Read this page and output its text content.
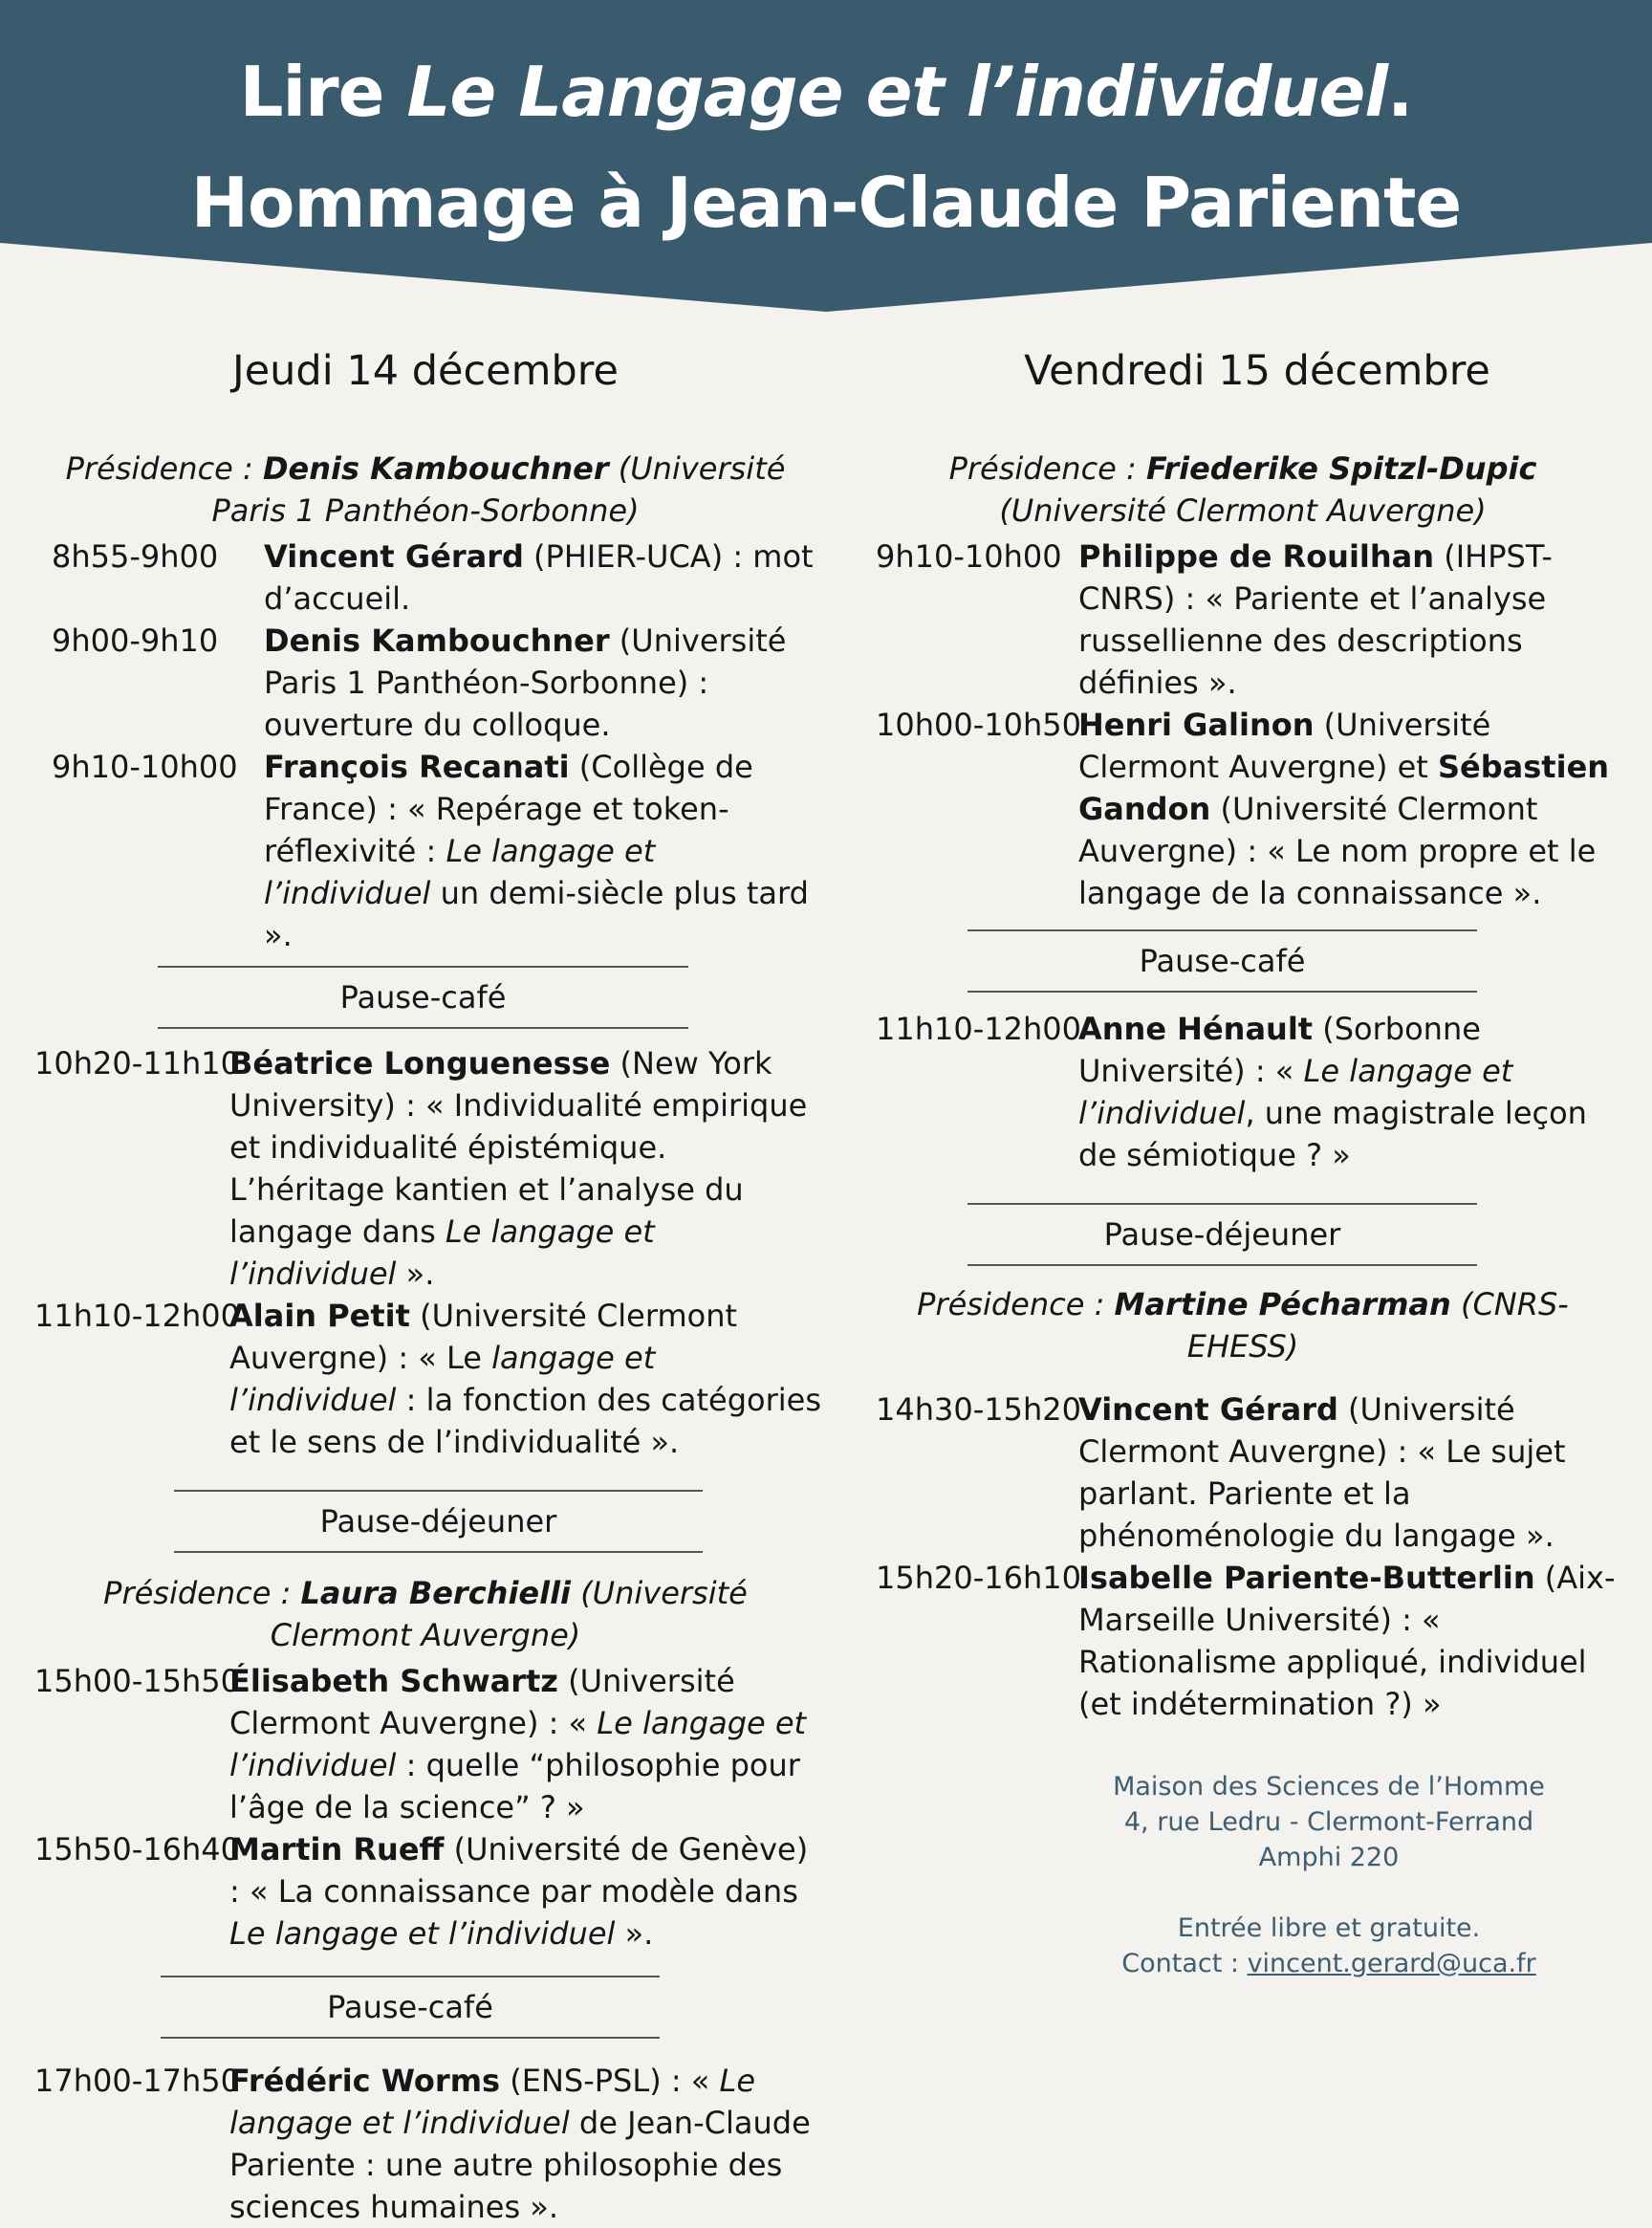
Lire Le Langage et l’individuel.
Hommage à Jean-Claude Pariente
Jeudi 14 décembre
Présidence : Denis Kambouchner (Université Paris 1 Panthéon-Sorbonne)
8h55-9h00	Vincent Gérard (PHIER-UCA) : mot d’accueil.
9h00-9h10	Denis Kambouchner (Université Paris 1 Panthéon-Sorbonne) : ouverture du colloque.
9h10-10h00 François Recanati (Collège de France) : « Repérage et token-réflexivité : Le langage et l’individuel un demi-siècle plus tard ».
Pause-café
10h20-11h10
Béatrice Longuenesse (New York University) : « Individualité empirique et individualité épistémique. L’héritage kantien et l’analyse du langage dans Le langage et l’individuel ».
11h10-12h00
Alain Petit (Université Clermont Auvergne) : « Le langage et l’individuel : la fonction des catégories et le sens de l’individualité ».
Pause-déjeuner
Présidence : Laura Berchielli (Université Clermont Auvergne)
15h00-15h50
Élisabeth Schwartz (Université Clermont Auvergne) : « Le langage et l’individuel : quelle “philosophie pour l’âge de la science” ? »
15h50-16h40
Martin Rueff (Université de Genève) : « La connaissance par modèle dans Le langage et l’individuel ».
Pause-café
17h00-17h50
Frédéric Worms (ENS-PSL) : « Le langage et l’individuel de Jean-Claude Pariente : une autre philosophie des sciences humaines ».
Vendredi 15 décembre
Présidence : Friederike Spitzl-Dupic (Université Clermont Auvergne)
9h10-10h00 Philippe de Rouilhan (IHPST-CNRS) : « Pariente et l’analyse russellienne des descriptions définies ».
10h00-10h50
Henri Galinon (Université Clermont Auvergne) et Sébastien Gandon (Université Clermont Auvergne) : « Le nom propre et le langage de la connaissance ».
Pause-café
11h10-12h00
Anne Hénault (Sorbonne Université) : « Le langage et l’individuel, une magistrale leçon de sémiotique ? »
Pause-déjeuner
Présidence : Martine Pécharman (CNRS-EHESS)
14h30-15h20
Vincent Gérard (Université Clermont Auvergne) : « Le sujet parlant. Pariente et la phénoménologie du langage ».
15h20-16h10
Isabelle Pariente-Butterlin (Aix-Marseille Université) : « Rationalisme appliqué, individuel (et indétermination ?) »
Maison des Sciences de l’Homme
4, rue Ledru - Clermont-Ferrand
Amphi 220
Entrée libre et gratuite.
Contact : vincent.gerard@uca.fr
